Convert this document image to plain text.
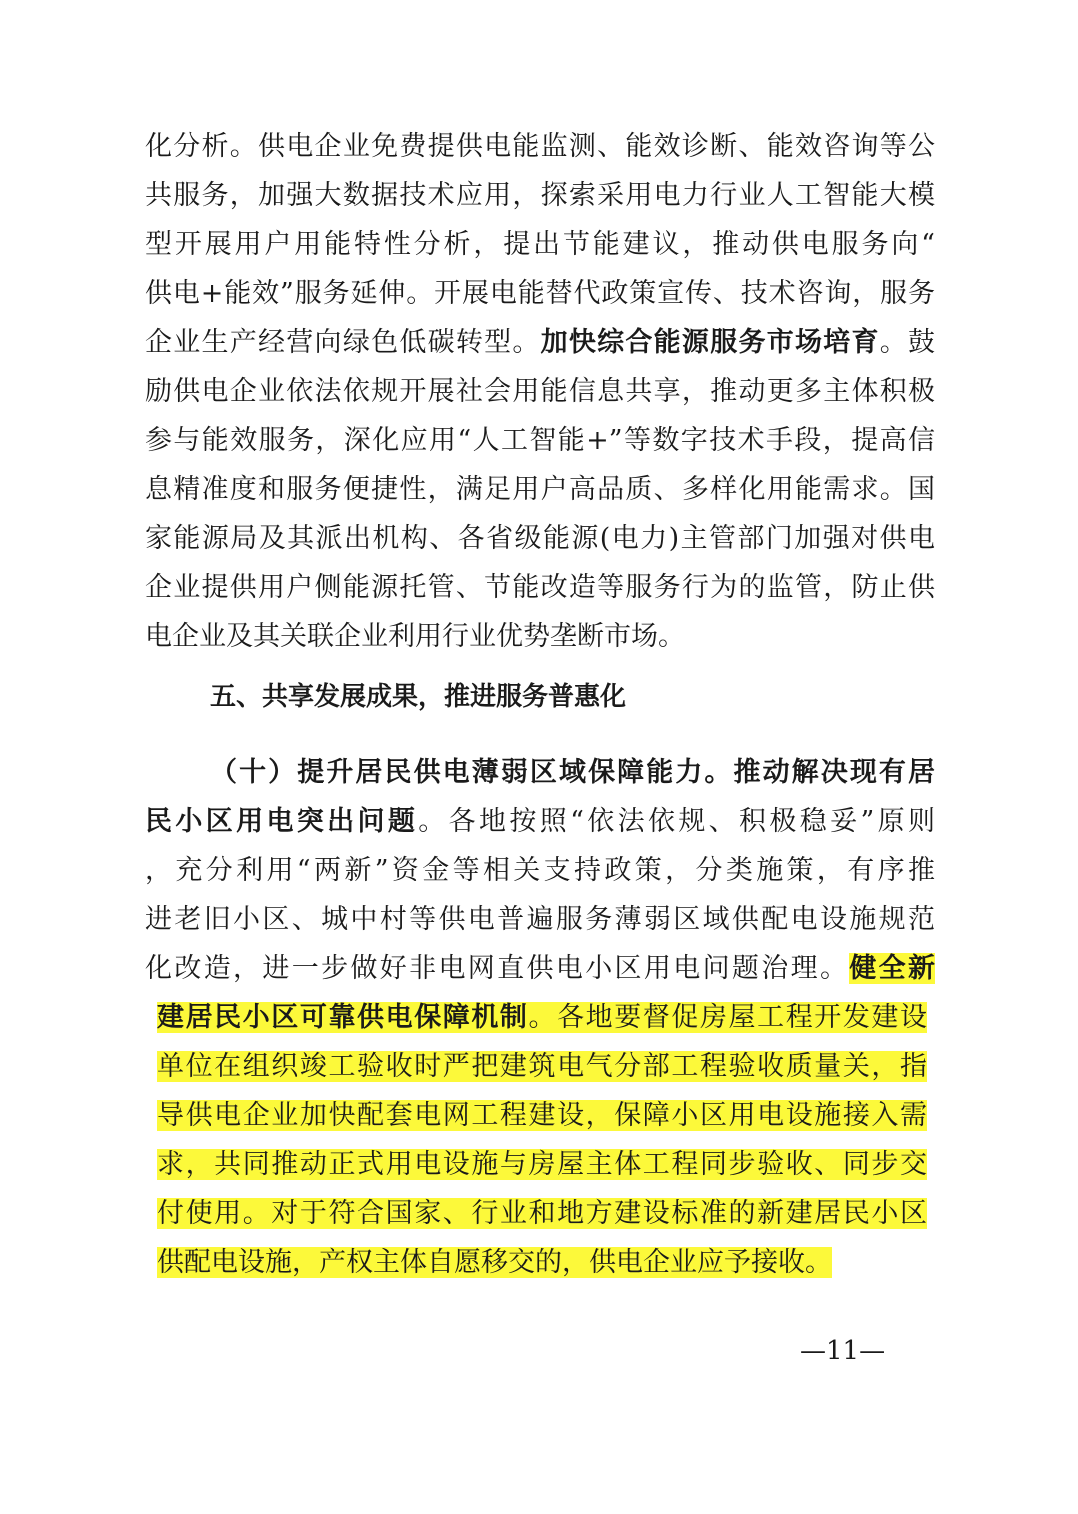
化分析。供电企业免费提供电能监测、能效诊断、能效咨询等公
共服务，加强大数据技术应用，探索采用电力行业人工智能大模
型开展用户用能特性分析，提出节能建议，推动供电服务向“
供电+能效”服务延伸。开展电能替代政策宣传、技术咨询，服务
企业生产经营向绿色低碳转型。加快综合能源服务市场培育。鼓
励供电企业依法依规开展社会用能信息共享，推动更多主体积极
参与能效服务，深化应用“人工智能+”等数字技术手段，提高信
息精准度和服务便捷性，满足用户高品质、多样化用能需求。国
家能源局及其派出机构、各省级能源(电力)主管部门加强对供电
企业提供用户侧能源托管、节能改造等服务行为的监管，防止供
电企业及其关联企业利用行业优势垄断市场。
五、共享发展成果，推进服务普惠化
（十）提升居民供电薄弱区域保障能力。推动解决现有居
民小区用电突出问题。各地按照“依法依规、积极稳妥”原则
，充分利用“两新”资金等相关支持政策，分类施策，有序推
进老旧小区、城中村等供电普遍服务薄弱区域供配电设施规范
化改造，进一步做好非电网直供电小区用电问题治理。健全新
建居民小区可靠供电保障机制。各地要督促房屋工程开发建设
单位在组织竣工验收时严把建筑电气分部工程验收质量关，指
导供电企业加快配套电网工程建设，保障小区用电设施接入需
求，共同推动正式用电设施与房屋主体工程同步验收、同步交
付使用。对于符合国家、行业和地方建设标准的新建居民小区
供配电设施，产权主体自愿移交的，供电企业应予接收。
—11—
